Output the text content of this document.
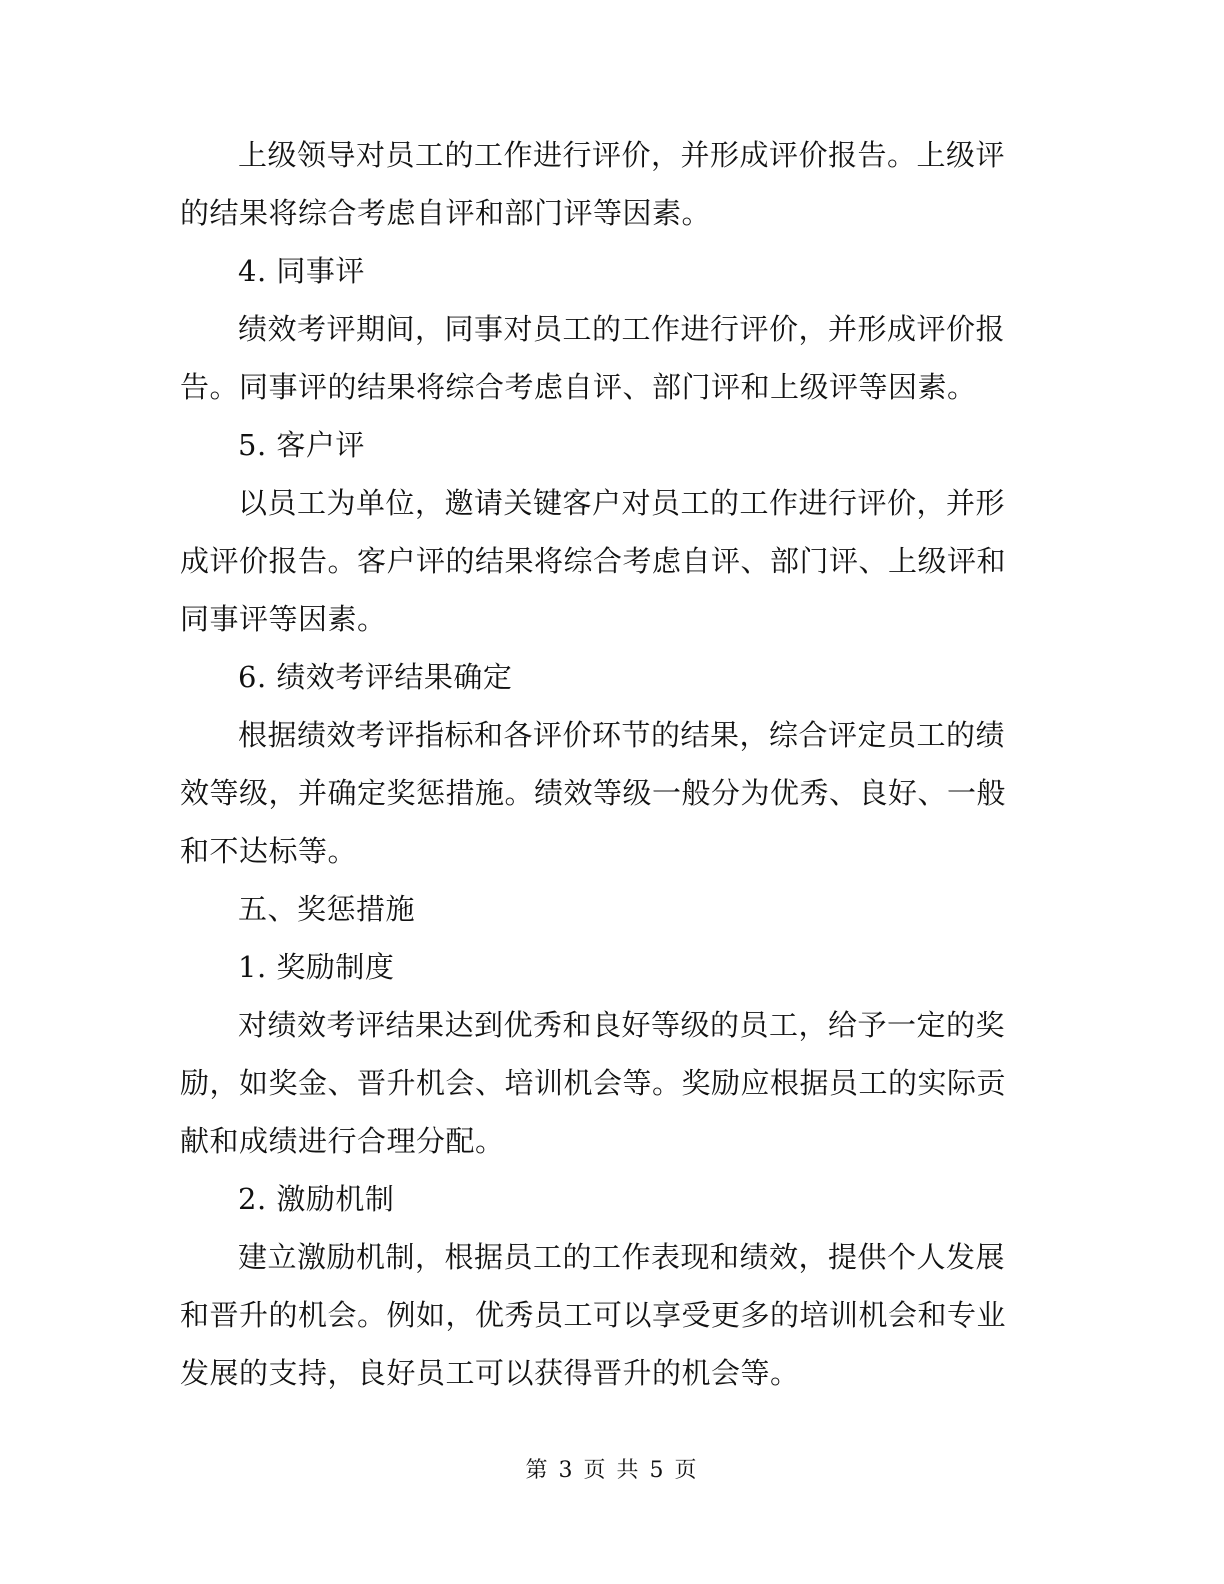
上级领导对员工的工作进行评价，并形成评价报告。上级评
的结果将综合考虑自评和部门评等因素。
4. 同事评
绩效考评期间，同事对员工的工作进行评价，并形成评价报
告。同事评的结果将综合考虑自评、部门评和上级评等因素。
5. 客户评
以员工为单位，邀请关键客户对员工的工作进行评价，并形
成评价报告。客户评的结果将综合考虑自评、部门评、上级评和
同事评等因素。
6. 绩效考评结果确定
根据绩效考评指标和各评价环节的结果，综合评定员工的绩
效等级，并确定奖惩措施。绩效等级一般分为优秀、良好、一般
和不达标等。
五、奖惩措施
1. 奖励制度
对绩效考评结果达到优秀和良好等级的员工，给予一定的奖
励，如奖金、晋升机会、培训机会等。奖励应根据员工的实际贡
献和成绩进行合理分配。
2. 激励机制
建立激励机制，根据员工的工作表现和绩效，提供个人发展
和晋升的机会。例如，优秀员工可以享受更多的培训机会和专业
发展的支持，良好员工可以获得晋升的机会等。
第 3 页 共 5 页
